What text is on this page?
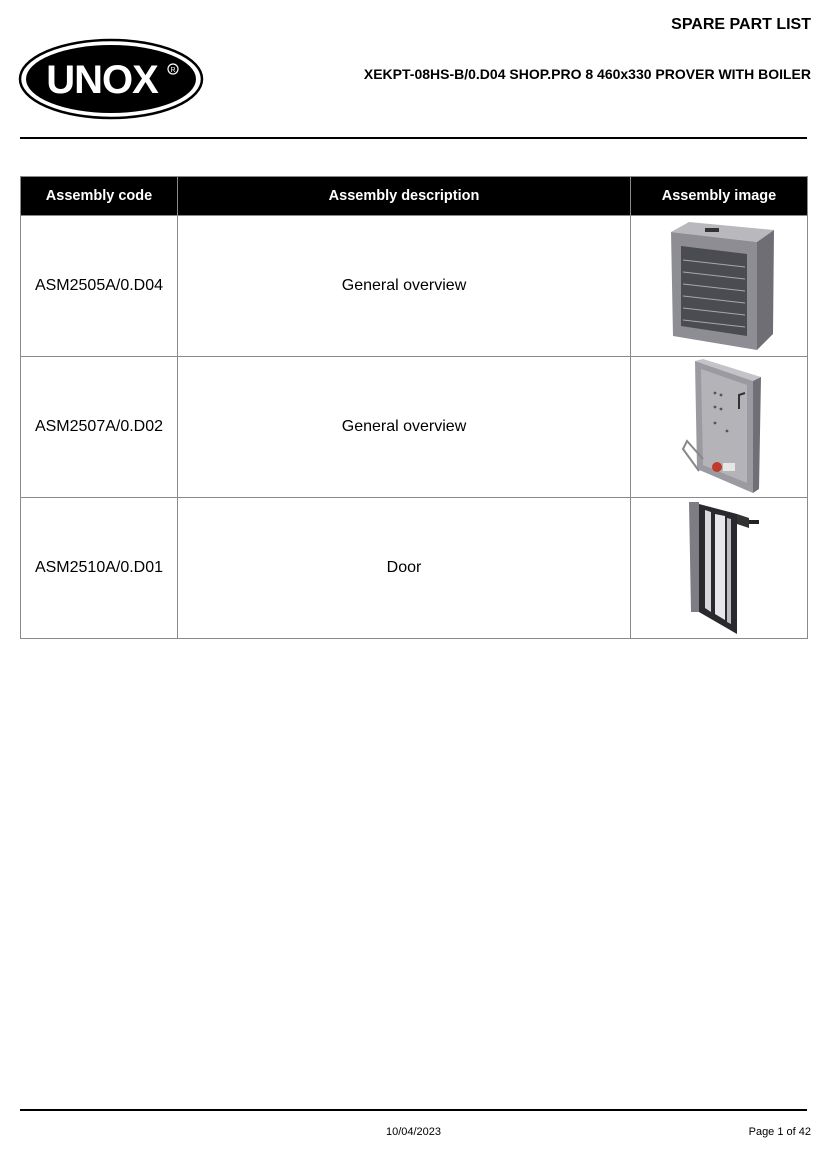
SPARE PART LIST
UNOX R	XEKPT-08HS-B/0.D04 SHOP.PRO 8 460x330 PROVER WITH BOILER
Assembly code	Assembly description	Assembly image
ASM2505A/0.D04	General overview	

ASM2507A/0.D02	General overview	

ASM2510A/0.D01	Door	
10/04/2023	Page 1 of 42
